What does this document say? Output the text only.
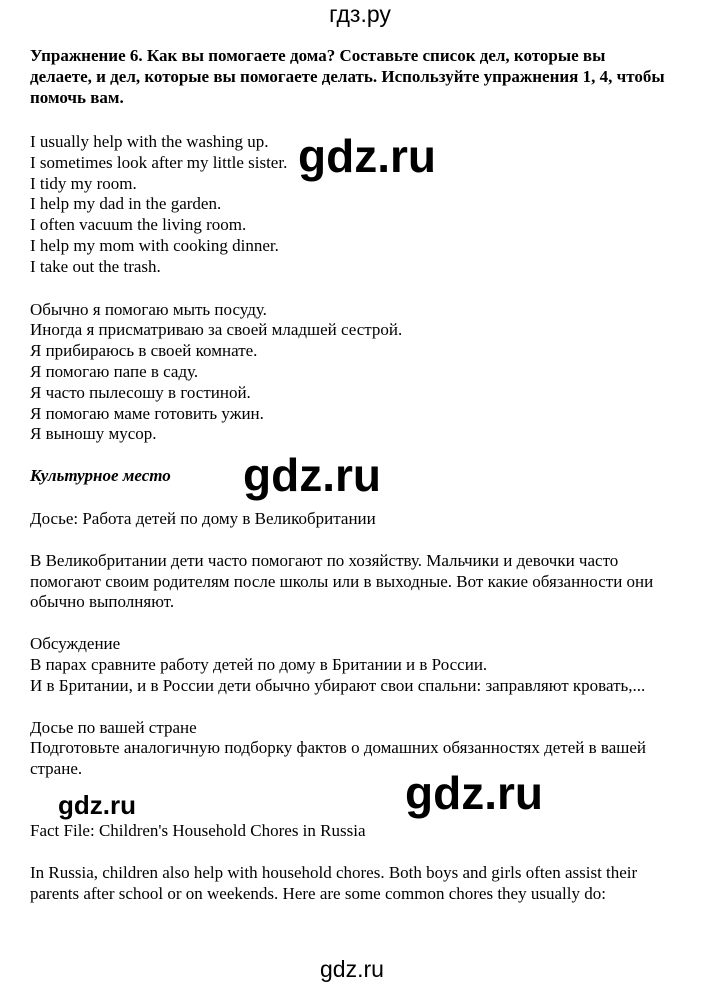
гдз.ру

Упражнение 6. Как вы помогаете дома? Составьте список дел, которые вы делаете, и дел, которые вы помогаете делать. Используйте упражнения 1, 4, чтобы помочь вам.

I usually help with the washing up.

I sometimes look after my little sister.

I tidy my room.

I help my dad in the garden.

I often vacuum the living room.

I help my mom with cooking dinner.

I take out the trash.

Обычно я помогаю мыть посуду.

Иногда я присматриваю за своей младшей сестрой.

Я прибираюсь в своей комнате.

Я помогаю папе в саду.

Я часто пылесошу в гостиной.

Я помогаю маме готовить ужин.

Я выношу мусор.

Культурное место

Досье: Работа детей по дому в Великобритании

В Великобритании дети часто помогают по хозяйству. Мальчики и девочки часто помогают своим родителям после школы или в выходные. Вот какие обязанности они обычно выполняют.

Обсуждение

В парах сравните работу детей по дому в Британии и в России.

И в Британии, и в России дети обычно убирают свои спальни: заправляют кровать,...

Досье по вашей стране

Подготовьте аналогичную подборку фактов о домашних обязанностях детей в вашей стране.

Fact File: Children's Household Chores in Russia

In Russia, children also help with household chores. Both boys and girls often assist their parents after school or on weekends. Here are some common chores they usually do:

gdz.ru
gdz.ru
gdz.ru
gdz.ru
gdz.ru
